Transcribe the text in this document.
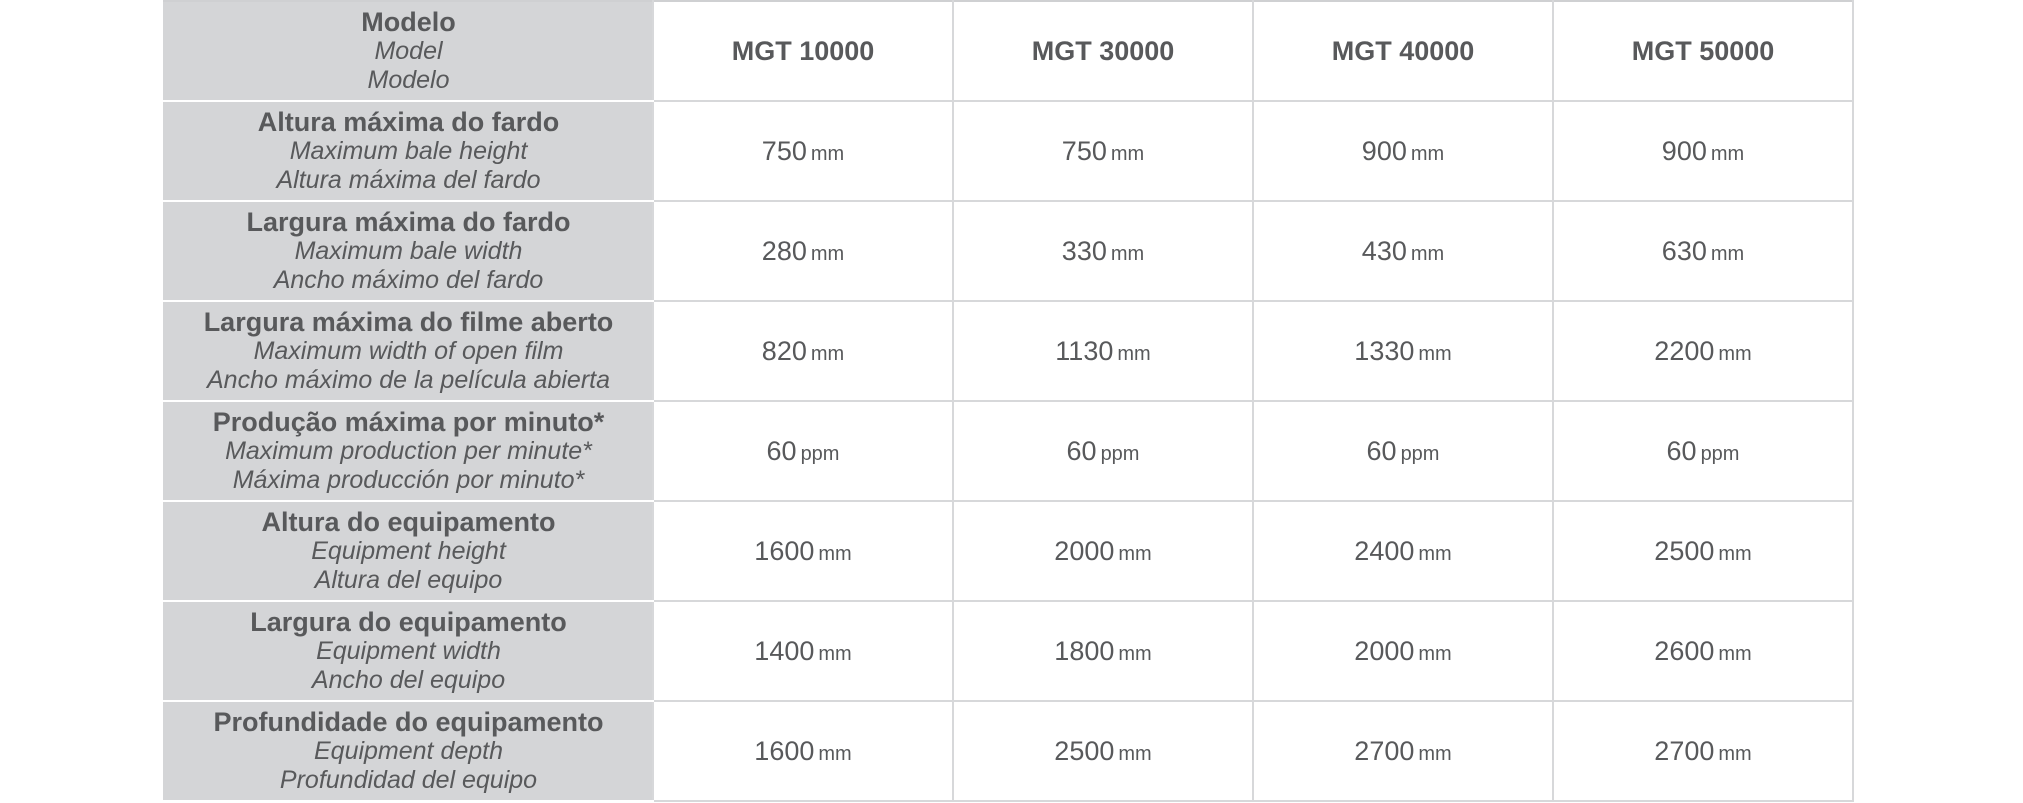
Modelo
Model
Modelo	MGT 10000	MGT 30000	MGT 40000	MGT 50000

Altura máxima do fardo
Maximum bale height
Altura máxima del fardo	750 mm	750 mm	900 mm	900 mm

Largura máxima do fardo
Maximum bale width
Ancho máximo del fardo	280 mm	330 mm	430 mm	630 mm

Largura máxima do filme aberto
Maximum width of open film
Ancho máximo de la película abierta	820 mm	1130 mm	1330 mm	2200 mm

Produção máxima por minuto*
Maximum production per minute*
Máxima producción por minuto*	60 ppm	60 ppm	60 ppm	60 ppm

Altura do equipamento
Equipment height
Altura del equipo	1600 mm	2000 mm	2400 mm	2500 mm

Largura do equipamento
Equipment width
Ancho del equipo	1400 mm	1800 mm	2000 mm	2600 mm

Profundidade do equipamento
Equipment depth
Profundidad del equipo	1600 mm	2500 mm	2700 mm	2700 mm
